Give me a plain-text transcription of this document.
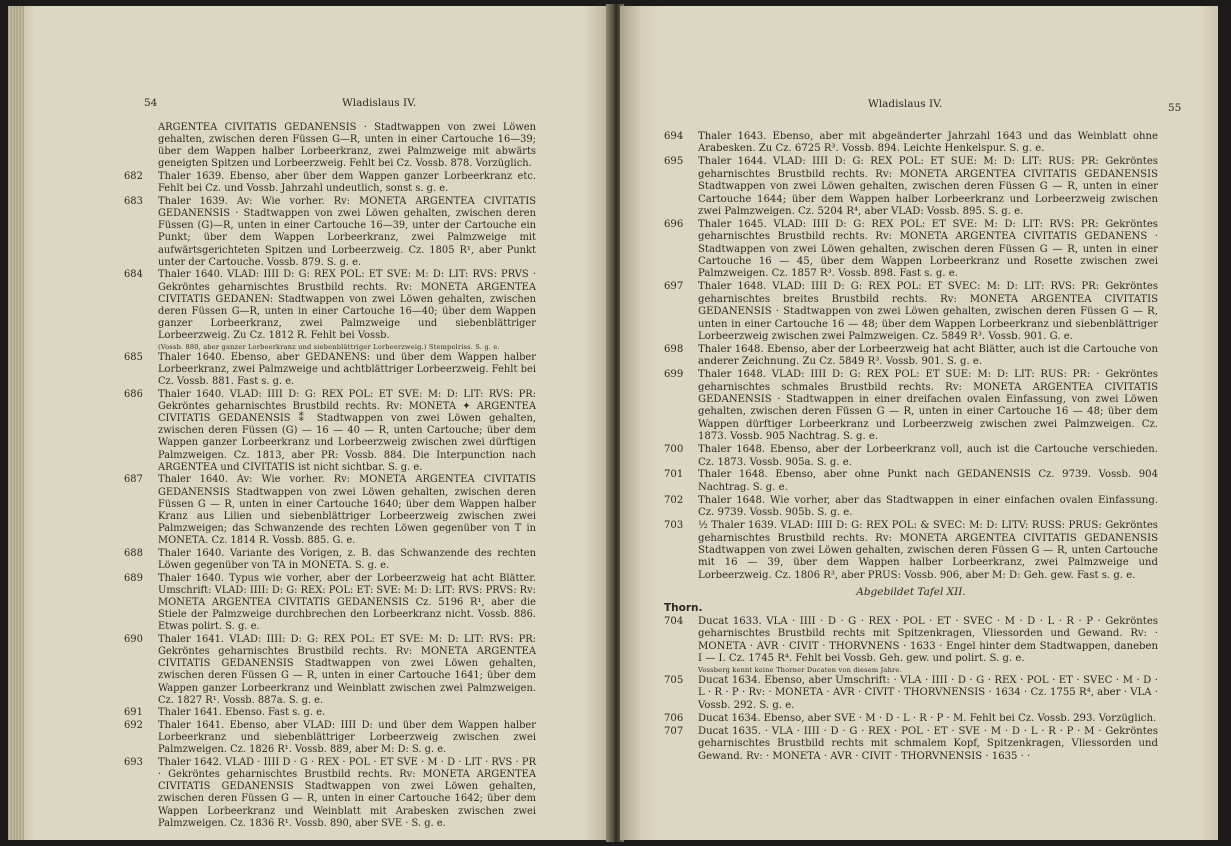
54	Wladislaus IV.
ARGENTEA CIVITATIS GEDANENSIS · Stadtwappen von zwei Löwen gehalten, zwischen deren Füssen G—R, unten in einer Cartouche 16—39; über dem Wappen halber Lorbeerkranz, zwei Palmzweige mit abwärts geneigten Spitzen und Lorbeerzweig. Fehlt bei Cz. Vossb. 878. Vorzüglich.
682	Thaler 1639. Ebenso, aber über dem Wappen ganzer Lorbeerkranz etc. Fehlt bei Cz. und Vossb. Jahrzahl undeutlich, sonst s. g. e.
683	Thaler 1639. Av: Wie vorher. Rv: MONETA ARGENTEA CIVITATIS GEDANENSIS · Stadtwappen von zwei Löwen gehalten, zwischen deren Füssen (G)—R, unten in einer Cartouche 16—39, unter der Cartouche ein Punkt; über dem Wappen Lorbeerkranz, zwei Palmzweige mit aufwärtsgerichteten Spitzen und Lorbeerzweig. Cz. 1805 R¹, aber Punkt unter der Cartouche. Vossb. 879. S. g. e.
684	Thaler 1640. VLAD: IIII D: G: REX POL: ET SVE: M: D: LIT: RVS: PRVS · Gekröntes geharnischtes Brustbild rechts. Rv: MONETA ARGENTEA CIVITATIS GEDANEN: Stadtwappen von zwei Löwen gehalten, zwischen deren Füssen G—R, unten in einer Cartouche 16—40; über dem Wappen ganzer Lorbeerkranz, zwei Palmzweige und siebenblättriger Lorbeerzweig. Zu Cz. 1812 R. Fehlt bei Vossb.
(Vossb. 880, aber ganzer Lorbeerkranz und siebenblättriger Lorbeerzweig.) Stempelriss. S. g. e.
685	Thaler 1640. Ebenso, aber GEDANENS: und über dem Wappen halber Lorbeerkranz, zwei Palmzweige und achtblättriger Lorbeerzweig. Fehlt bei Cz. Vossb. 881. Fast s. g. e.
686	Thaler 1640. VLAD: IIII D: G: REX POL: ET SVE: M: D: LIT: RVS: PR: Gekröntes geharnischtes Brustbild rechts. Rv: MONETA ✦ ARGENTEA CIVITATIS GEDANENSIS ⁑ Stadtwappen von zwei Löwen gehalten, zwischen deren Füssen (G) — 16 — 40 — R, unten Cartouche; über dem Wappen ganzer Lorbeerkranz und Lorbeerzweig zwischen zwei dürftigen Palmzweigen. Cz. 1813, aber PR: Vossb. 884. Die Interpunction nach ARGENTEA und CIVITATIS ist nicht sichtbar. S. g. e.
687	Thaler 1640. Av: Wie vorher. Rv: MONETA ARGENTEA CIVITATIS GEDANENSIS Stadtwappen von zwei Löwen gehalten, zwischen deren Füssen G — R, unten in einer Cartouche 1640; über dem Wappen halber Kranz aus Lilien und siebenblättriger Lorbeerzweig zwischen zwei Palmzweigen; das Schwanzende des rechten Löwen gegenüber von T in MONETA. Cz. 1814 R. Vossb. 885. G. e.
688	Thaler 1640. Variante des Vorigen, z. B. das Schwanzende des rechten Löwen gegenüber von TA in MONETA. S. g. e.
689	Thaler 1640. Typus wie vorher, aber der Lorbeerzweig hat acht Blätter. Umschrift: VLAD: IIII: D: G: REX: POL: ET: SVE: M: D: LIT: RVS: PRVS: Rv: MONETA ARGENTEA CIVITATIS GEDANENSIS Cz. 5196 R¹, aber die Stiele der Palmzweige durchbrechen den Lorbeerkranz nicht. Vossb. 886. Etwas polirt. S. g. e.
690	Thaler 1641. VLAD: IIII: D: G: REX POL: ET SVE: M: D: LIT: RVS: PR: Gekröntes geharnischtes Brustbild rechts. Rv: MONETA ARGENTEA CIVITATIS GEDANENSIS Stadtwappen von zwei Löwen gehalten, zwischen deren Füssen G — R, unten in einer Cartouche 1641; über dem Wappen ganzer Lorbeerkranz und Weinblatt zwischen zwei Palmzweigen. Cz. 1827 R¹. Vossb. 887a. S. g. e.
691	Thaler 1641. Ebenso. Fast s. g. e.
692	Thaler 1641. Ebenso, aber VLAD: IIII D: und über dem Wappen halber Lorbeerkranz und siebenblättriger Lorbeerzweig zwischen zwei Palmzweigen. Cz. 1826 R¹. Vossb. 889, aber M: D: S. g. e.
693	Thaler 1642. VLAD · IIII D · G · REX · POL · ET SVE · M · D · LIT · RVS · PR · Gekröntes geharnischtes Brustbild rechts. Rv: MONETA ARGENTEA CIVITATIS GEDANENSIS Stadtwappen von zwei Löwen gehalten, zwischen deren Füssen G — R, unten in einer Cartouche 1642; über dem Wappen Lorbeerkranz und Weinblatt mit Arabesken zwischen zwei Palmzweigen. Cz. 1836 R¹. Vossb. 890, aber SVE · S. g. e.
Wladislaus IV.	55
694	Thaler 1643. Ebenso, aber mit abgeänderter Jahrzahl 1643 und das Weinblatt ohne Arabesken. Zu Cz. 6725 R³. Vossb. 894. Leichte Henkelspur. S. g. e.
695	Thaler 1644. VLAD: IIII D: G: REX POL: ET SUE: M: D: LIT: RUS: PR: Gekröntes geharnischtes Brustbild rechts. Rv: MONETA ARGENTEA CIVITATIS GEDANENSIS Stadtwappen von zwei Löwen gehalten, zwischen deren Füssen G — R, unten in einer Cartouche 1644; über dem Wappen halber Lorbeerkranz und Lorbeerzweig zwischen zwei Palmzweigen. Cz. 5204 R⁴, aber VLAD: Vossb. 895. S. g. e.
696	Thaler 1645. VLAD: IIII D: G: REX POL: ET SVE: M: D: LIT: RVS: PR: Gekröntes geharnischtes Brustbild rechts. Rv: MONETA ARGENTEA CIVITATIS GEDANENS · Stadtwappen von zwei Löwen gehalten, zwischen deren Füssen G — R, unten in einer Cartouche 16 — 45, über dem Wappen Lorbeerkranz und Rosette zwischen zwei Palmzweigen. Cz. 1857 R³. Vossb. 898. Fast s. g. e.
697	Thaler 1648. VLAD: IIII D: G: REX POL: ET SVEC: M: D: LIT: RVS: PR: Gekröntes geharnischtes breites Brustbild rechts. Rv: MONETA ARGENTEA CIVITATIS GEDANENSIS · Stadtwappen von zwei Löwen gehalten, zwischen deren Füssen G — R, unten in einer Cartouche 16 — 48; über dem Wappen Lorbeerkranz und siebenblättriger Lorbeerzweig zwischen zwei Palmzweigen. Cz. 5849 R³. Vossb. 901. G. e.
698	Thaler 1648. Ebenso, aber der Lorbeerzweig hat acht Blätter, auch ist die Cartouche von anderer Zeichnung. Zu Cz. 5849 R³. Vossb. 901. S. g. e.
699	Thaler 1648. VLAD: IIII D: G: REX POL: ET SUE: M: D: LIT: RUS: PR: · Gekröntes geharnischtes schmales Brustbild rechts. Rv: MONETA ARGENTEA CIVITATIS GEDANENSIS · Stadtwappen in einer dreifachen ovalen Einfassung, von zwei Löwen gehalten, zwischen deren Füssen G — R, unten in einer Cartouche 16 — 48; über dem Wappen dürftiger Lorbeerkranz und Lorbeerzweig zwischen zwei Palmzweigen. Cz. 1873. Vossb. 905 Nachtrag. S. g. e.
700	Thaler 1648. Ebenso, aber der Lorbeerkranz voll, auch ist die Cartouche verschieden. Cz. 1873. Vossb. 905a. S. g. e.
701	Thaler 1648. Ebenso, aber ohne Punkt nach GEDANENSIS Cz. 9739. Vossb. 904 Nachtrag. S. g. e.
702	Thaler 1648. Wie vorher, aber das Stadtwappen in einer einfachen ovalen Einfassung. Cz. 9739. Vossb. 905b. S. g. e.
703	½ Thaler 1639. VLAD: IIII D: G: REX POL: & SVEC: M: D: LITV: RUSS: PRUS: Gekröntes geharnischtes Brustbild rechts. Rv: MONETA ARGENTEA CIVITATIS GEDANENSIS Stadtwappen von zwei Löwen gehalten, zwischen deren Füssen G — R, unten Cartouche mit 16 — 39, über dem Wappen halber Lorbeerkranz, zwei Palmzweige und Lorbeerzweig. Cz. 1806 R³, aber PRUS: Vossb. 906, aber M: D: Geh. gew. Fast s. g. e.
Abgebildet Tafel XII.
Thorn.
704	Ducat 1633. VLA · IIII · D · G · REX · POL · ET · SVEC · M · D · L · R · P · Gekröntes geharnischtes Brustbild rechts mit Spitzenkragen, Vliessorden und Gewand. Rv: · MONETA · AVR · CIVIT · THORVNENS · 1633 · Engel hinter dem Stadtwappen, daneben I — I. Cz. 1745 R⁴. Fehlt bei Vossb. Geh. gew. und polirt. S. g. e.
Vossberg kennt keine Thorner Ducaten von diesem Jahre.
705	Ducat 1634. Ebenso, aber Umschrift: · VLA · IIII · D · G · REX · POL · ET · SVEC · M · D · L · R · P · Rv: · MONETA · AVR · CIVIT · THORVNENSIS · 1634 · Cz. 1755 R⁴, aber · VLA · Vossb. 292. S. g. e.
706	Ducat 1634. Ebenso, aber SVE · M · D · L · R · P · M. Fehlt bei Cz. Vossb. 293. Vorzüglich.
707	Ducat 1635. · VLA · IIII · D · G · REX · POL · ET · SVE · M · D · L · R · P · M · Gekröntes geharnischtes Brustbild rechts mit schmalem Kopf, Spitzenkragen, Vliessorden und Gewand. Rv: · MONETA · AVR · CIVIT · THORVNENSIS · 1635 · ·
